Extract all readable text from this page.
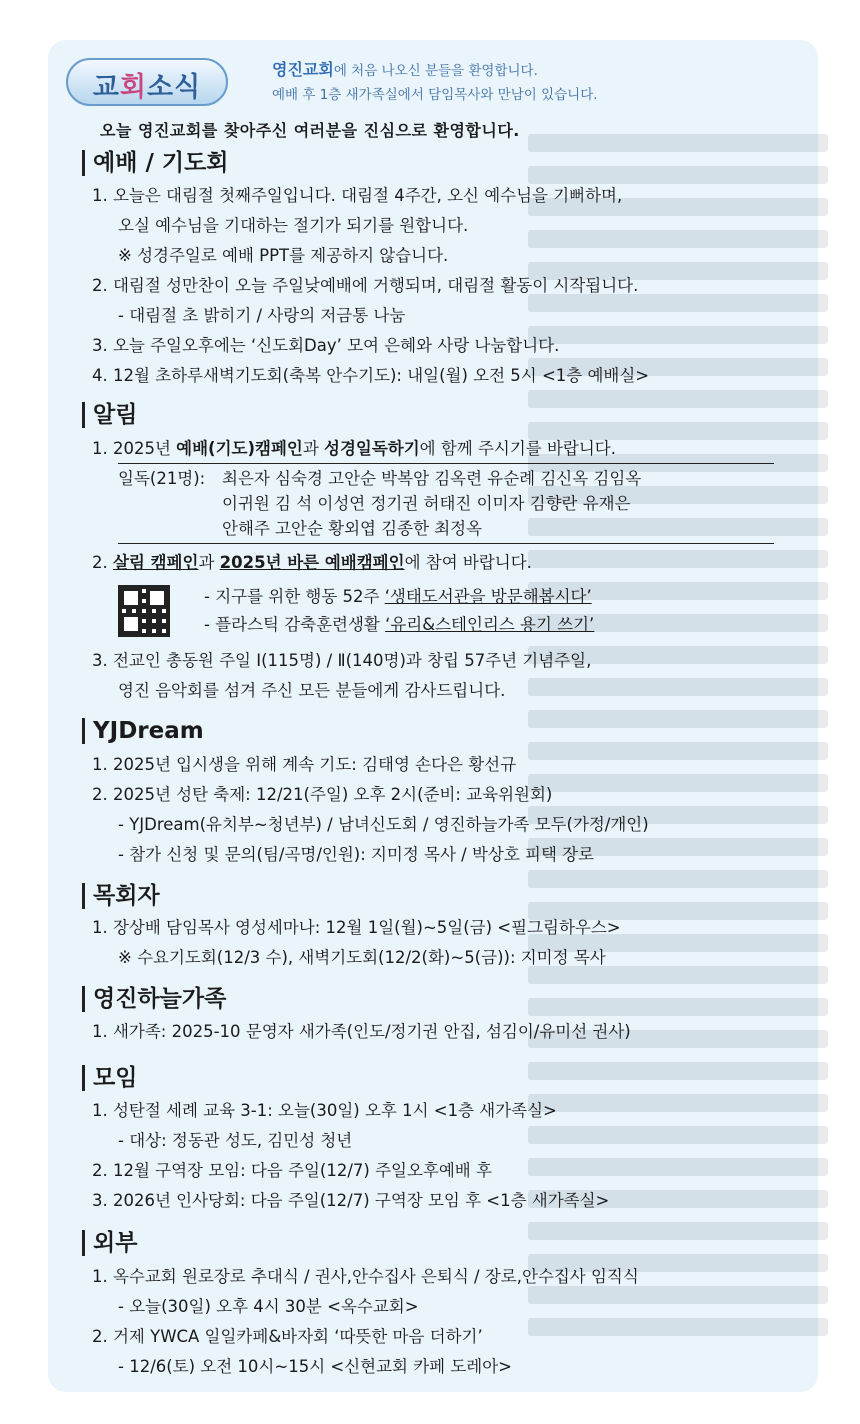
교회소식
영진교회에 처음 나오신 분들을 환영합니다.
예배 후 1층 새가족실에서 담임목사와 만남이 있습니다.
오늘 영진교회를 찾아주신 여러분을 진심으로 환영합니다.
예배 / 기도회
1. 오늘은 대림절 첫째주일입니다. 대림절 4주간, 오신 예수님을 기뻐하며,
오실 예수님을 기대하는 절기가 되기를 원합니다.
※ 성경주일로 예배 PPT를 제공하지 않습니다.
2. 대림절 성만찬이 오늘 주일낮예배에 거행되며, 대림절 활동이 시작됩니다.
- 대림절 초 밝히기 / 사랑의 저금통 나눔
3. 오늘 주일오후에는 ‘신도회Day’ 모여 은혜와 사랑 나눔합니다.
4. 12월 초하루새벽기도회(축복 안수기도): 내일(월) 오전 5시 <1층 예배실>
알림
1. 2025년 예배(기도)캠페인과 성경일독하기에 함께 주시기를 바랍니다.
일독(21명): 최은자 심숙경 고안순 박복암 김옥련 유순례 김신옥 김임옥
이귀원 김 석 이성연 정기권 허태진 이미자 김향란 유재은
안해주 고안순 황외엽 김종한 최정옥
2. 살림 캠페인과 2025년 바른 예배캠페인에 참여 바랍니다.
- 지구를 위한 행동 52주 ‘생태도서관을 방문해봅시다’
- 플라스틱 감축훈련생활 ‘유리&스테인리스 용기 쓰기’
3. 전교인 총동원 주일 Ⅰ(115명) / Ⅱ(140명)과 창립 57주년 기념주일,
영진 음악회를 섬겨 주신 모든 분들에게 감사드립니다.
YJDream
1. 2025년 입시생을 위해 계속 기도: 김태영 손다은 황선규
2. 2025년 성탄 축제: 12/21(주일) 오후 2시(준비: 교육위원회)
- YJDream(유치부~청년부) / 남녀신도회 / 영진하늘가족 모두(가정/개인)
- 참가 신청 및 문의(팀/곡명/인원): 지미정 목사 / 박상호 피택 장로
목회자
1. 장상배 담임목사 영성세마나: 12월 1일(월)~5일(금) <필그림하우스>
※ 수요기도회(12/3 수), 새벽기도회(12/2(화)~5(금)): 지미정 목사
영진하늘가족
1. 새가족: 2025-10 문영자 새가족(인도/정기권 안집, 섬김이/유미선 권사)
모임
1. 성탄절 세례 교육 3-1: 오늘(30일) 오후 1시 <1층 새가족실>
- 대상: 정동관 성도, 김민성 청년
2. 12월 구역장 모임: 다음 주일(12/7) 주일오후예배 후
3. 2026년 인사당회: 다음 주일(12/7) 구역장 모임 후 <1층 새가족실>
외부
1. 옥수교회 원로장로 추대식 / 권사,안수집사 은퇴식 / 장로,안수집사 임직식
- 오늘(30일) 오후 4시 30분 <옥수교회>
2. 거제 YWCA 일일카페&바자회 ‘따뜻한 마음 더하기’
- 12/6(토) 오전 10시~15시 <신현교회 카페 도레아>
